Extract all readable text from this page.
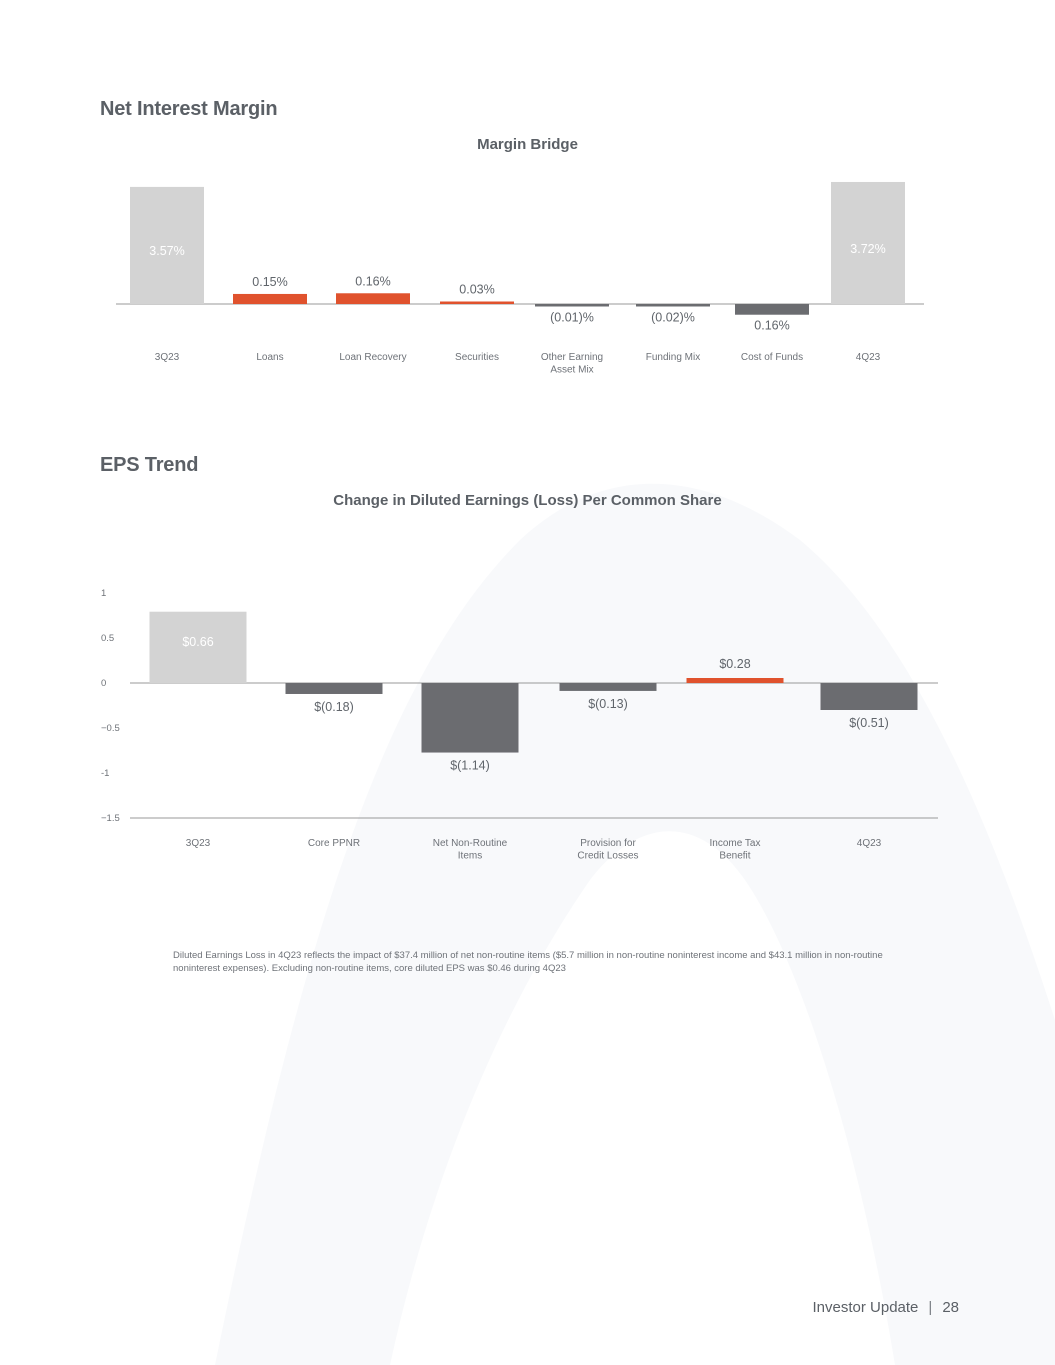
Net Interest Margin
Margin Bridge
3.57%
3Q23
0.15%
Loans
0.16%
Loan Recovery
0.03%
Securities
(0.01)%
Other Earning Asset Mix
(0.02)%
Funding Mix
0.16%
Cost of Funds
3.72%
4Q23
EPS Trend
Change in Diluted Earnings (Loss) Per Common Share
1
0.5
0
−0.5
-1
−1.5
$0.66
3Q23
$(0.18)
Core PPNR
$(1.14)
Net Non-Routine Items
$(0.13)
Provision for Credit Losses
$0.28
Income Tax Benefit
$(0.51)
4Q23

Diluted Earnings Loss in 4Q23 reflects the impact of $37.4 million of net non-routine items ($5.7 million in non-routine noninterest income and $43.1 million in non-routine noninterest expenses). Excluding non-routine items, core diluted EPS was $0.46 during 4Q23

Investor Update | 28
